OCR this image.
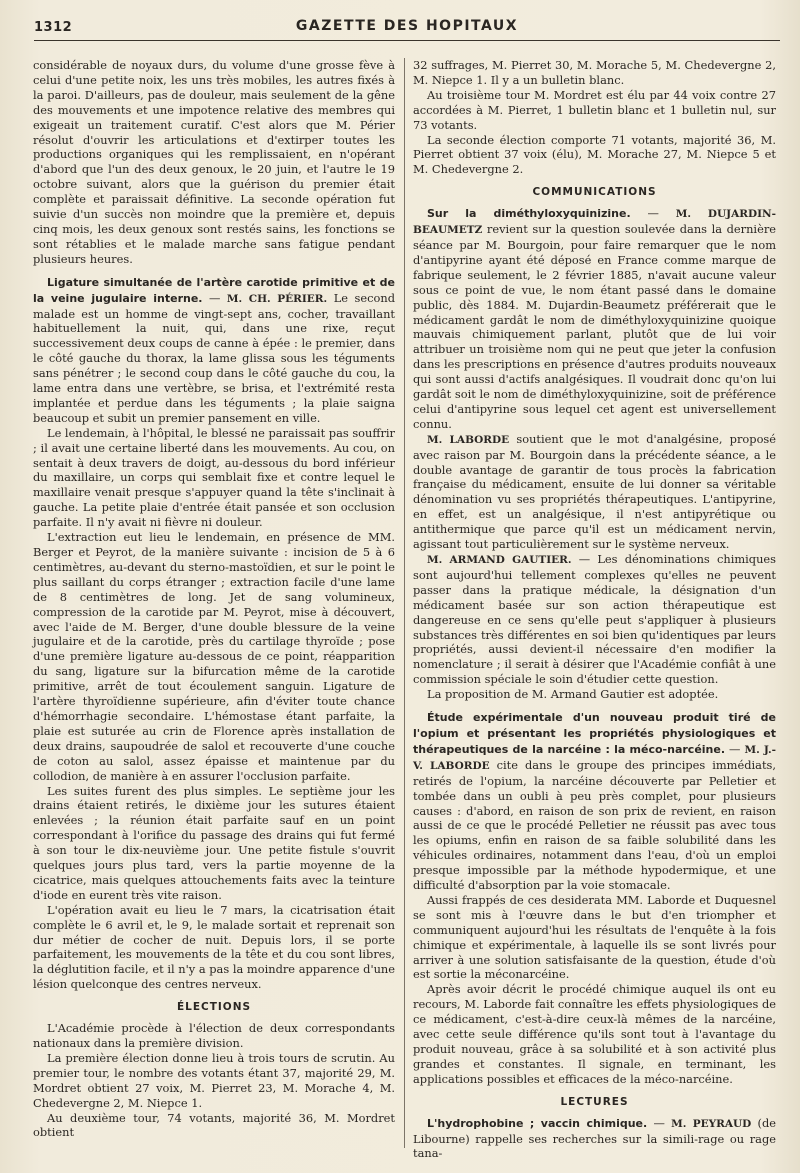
1312	GAZETTE DES HOPITAUX

considérable de noyaux durs, du volume d'une grosse fève à celui d'une petite noix, les uns très mobiles, les autres fixés à la paroi. D'ailleurs, pas de douleur, mais seulement de la gêne des mouvements et une impotence relative des membres qui exigeait un traitement curatif. C'est alors que M. Périer résolut d'ouvrir les articulations et d'extirper toutes les productions organiques qui les remplissaient, en n'opérant d'abord que l'un des deux genoux, le 20 juin, et l'autre le 19 octobre suivant, alors que la guérison du premier était complète et paraissait définitive. La seconde opération fut suivie d'un succès non moindre que la première et, depuis cinq mois, les deux genoux sont restés sains, les fonctions se sont rétablies et le malade marche sans fatigue pendant plusieurs heures.

Ligature simultanée de l'artère carotide primitive et de la veine jugulaire interne. — M. CH. PÉRIER. Le second malade est un homme de vingt-sept ans, cocher, travaillant habituellement la nuit, qui, dans une rixe, reçut successivement deux coups de canne à épée : le premier, dans le côté gauche du thorax, la lame glissa sous les téguments sans pénétrer ; le second coup dans le côté gauche du cou, la lame entra dans une vertèbre, se brisa, et l'extrémité resta implantée et perdue dans les téguments ; la plaie saigna beaucoup et subit un premier pansement en ville.

Le lendemain, à l'hôpital, le blessé ne paraissait pas souffrir ; il avait une certaine liberté dans les mouvements. Au cou, on sentait à deux travers de doigt, au-dessous du bord inférieur du maxillaire, un corps qui semblait fixe et contre lequel le maxillaire venait presque s'appuyer quand la tête s'inclinait à gauche. La petite plaie d'entrée était pansée et son occlusion parfaite. Il n'y avait ni fièvre ni douleur.

L'extraction eut lieu le lendemain, en présence de MM. Berger et Peyrot, de la manière suivante : incision de 5 à 6 centimètres, au-devant du sterno-mastoïdien, et sur le point le plus saillant du corps étranger ; extraction facile d'une lame de 8 centimètres de long. Jet de sang volumineux, compression de la carotide par M. Peyrot, mise à découvert, avec l'aide de M. Berger, d'une double blessure de la veine jugulaire et de la carotide, près du cartilage thyroïde ; pose d'une première ligature au-dessous de ce point, réapparition du sang, ligature sur la bifurcation même de la carotide primitive, arrêt de tout écoulement sanguin. Ligature de l'artère thyroïdienne supérieure, afin d'éviter toute chance d'hémorrhagie secondaire. L'hémostase étant parfaite, la plaie est suturée au crin de Florence après installation de deux drains, saupoudrée de salol et recouverte d'une couche de coton au salol, assez épaisse et maintenue par du collodion, de manière à en assurer l'occlusion parfaite.

Les suites furent des plus simples. Le septième jour les drains étaient retirés, le dixième jour les sutures étaient enlevées ; la réunion était parfaite sauf en un point correspondant à l'orifice du passage des drains qui fut fermé à son tour le dix-neuvième jour. Une petite fistule s'ouvrit quelques jours plus tard, vers la partie moyenne de la cicatrice, mais quelques attouchements faits avec la teinture d'iode en eurent très vite raison.

L'opération avait eu lieu le 7 mars, la cicatrisation était complète le 6 avril et, le 9, le malade sortait et reprenait son dur métier de cocher de nuit. Depuis lors, il se porte parfaitement, les mouvements de la tête et du cou sont libres, la déglutition facile, et il n'y a pas la moindre apparence d'une lésion quelconque des centres nerveux.

ÉLECTIONS

L'Académie procède à l'élection de deux correspondants nationaux dans la première division.

La première élection donne lieu à trois tours de scrutin. Au premier tour, le nombre des votants étant 37, majorité 29, M. Mordret obtient 27 voix, M. Pierret 23, M. Morache 4, M. Chedevergne 2, M. Niepce 1.

Au deuxième tour, 74 votants, majorité 36, M. Mordret obtient

32 suffrages, M. Pierret 30, M. Morache 5, M. Chedevergne 2, M. Niepce 1. Il y a un bulletin blanc.

Au troisième tour M. Mordret est élu par 44 voix contre 27 accordées à M. Pierret, 1 bulletin blanc et 1 bulletin nul, sur 73 votants.

La seconde élection comporte 71 votants, majorité 36, M. Pierret obtient 37 voix (élu), M. Morache 27, M. Niepce 5 et M. Chedevergne 2.

COMMUNICATIONS

Sur la diméthyloxyquinizine. — M. DUJARDIN-BEAUMETZ revient sur la question soulevée dans la dernière séance par M. Bourgoin, pour faire remarquer que le nom d'antipyrine ayant été déposé en France comme marque de fabrique seulement, le 2 février 1885, n'avait aucune valeur sous ce point de vue, le nom étant passé dans le domaine public, dès 1884. M. Dujardin-Beaumetz préférerait que le médicament gardât le nom de diméthyloxyquinizine quoique mauvais chimiquement parlant, plutôt que de lui voir attribuer un troisième nom qui ne peut que jeter la confusion dans les prescriptions en présence d'autres produits nouveaux qui sont aussi d'actifs analgésiques. Il voudrait donc qu'on lui gardât soit le nom de diméthyloxyquinizine, soit de préférence celui d'antipyrine sous lequel cet agent est universellement connu.

M. LABORDE soutient que le mot d'analgésine, proposé avec raison par M. Bourgoin dans la précédente séance, a le double avantage de garantir de tous procès la fabrication française du médicament, ensuite de lui donner sa véritable dénomination vu ses propriétés thérapeutiques. L'antipyrine, en effet, est un analgésique, il n'est antipyrétique ou antithermique que parce qu'il est un médicament nervin, agissant tout particulièrement sur le système nerveux.

M. ARMAND GAUTIER. — Les dénominations chimiques sont aujourd'hui tellement complexes qu'elles ne peuvent passer dans la pratique médicale, la désignation d'un médicament basée sur son action thérapeutique est dangereuse en ce sens qu'elle peut s'appliquer à plusieurs substances très différentes en soi bien qu'identiques par leurs propriétés, aussi devient-il nécessaire d'en modifier la nomenclature ; il serait à désirer que l'Académie confiât à une commission spéciale le soin d'étudier cette question.

La proposition de M. Armand Gautier est adoptée.

Étude expérimentale d'un nouveau produit tiré de l'opium et présentant les propriétés physiologiques et thérapeutiques de la narcéine : la méco-narcéine. — M. J.-V. LABORDE cite dans le groupe des principes immédiats, retirés de l'opium, la narcéine découverte par Pelletier et tombée dans un oubli à peu près complet, pour plusieurs causes : d'abord, en raison de son prix de revient, en raison aussi de ce que le procédé Pelletier ne réussit pas avec tous les opiums, enfin en raison de sa faible solubilité dans les véhicules ordinaires, notamment dans l'eau, d'où un emploi presque impossible par la méthode hypodermique, et une difficulté d'absorption par la voie stomacale.

Aussi frappés de ces desiderata MM. Laborde et Duquesnel se sont mis à l'œuvre dans le but d'en triompher et communiquent aujourd'hui les résultats de l'enquête à la fois chimique et expérimentale, à laquelle ils se sont livrés pour arriver à une solution satisfaisante de la question, étude d'où est sortie la méconarcéine.

Après avoir décrit le procédé chimique auquel ils ont eu recours, M. Laborde fait connaître les effets physiologiques de ce médicament, c'est-à-dire ceux-là mêmes de la narcéine, avec cette seule différence qu'ils sont tout à l'avantage du produit nouveau, grâce à sa solubilité et à son activité plus grandes et constantes. Il signale, en terminant, les applications possibles et efficaces de la méco-narcéine.

LECTURES

L'hydrophobine ; vaccin chimique. — M. PEYRAUD (de Libourne) rappelle ses recherches sur la simili-rage ou rage tana-
